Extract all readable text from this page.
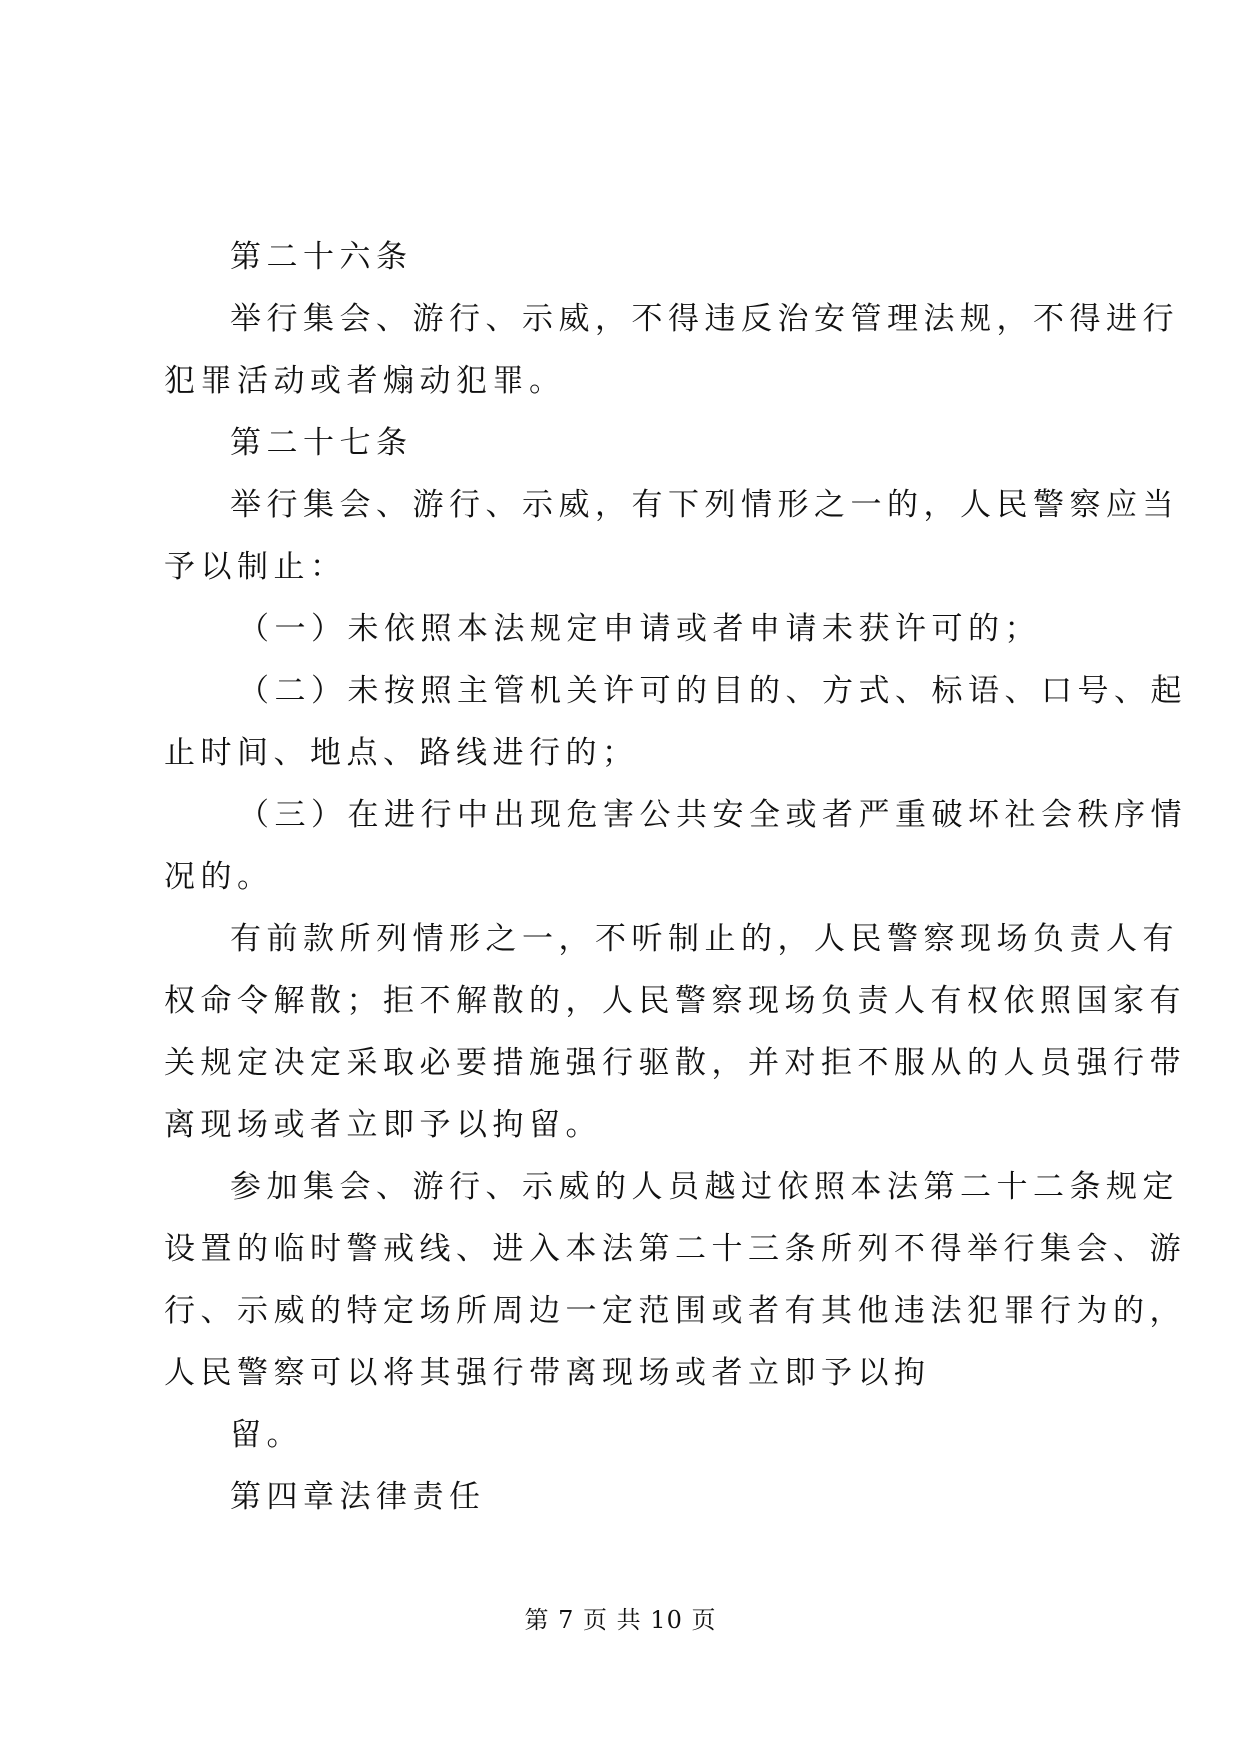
第二十六条
举行集会、游行、示威，不得违反治安管理法规，不得进行
犯罪活动或者煽动犯罪。
第二十七条
举行集会、游行、示威，有下列情形之一的，人民警察应当
予以制止：
（一）未依照本法规定申请或者申请未获许可的；
（二）未按照主管机关许可的目的、方式、标语、口号、起
止时间、地点、路线进行的；
（三）在进行中出现危害公共安全或者严重破坏社会秩序情
况的。
有前款所列情形之一，不听制止的，人民警察现场负责人有
权命令解散；拒不解散的，人民警察现场负责人有权依照国家有
关规定决定采取必要措施强行驱散，并对拒不服从的人员强行带
离现场或者立即予以拘留。
参加集会、游行、示威的人员越过依照本法第二十二条规定
设置的临时警戒线、进入本法第二十三条所列不得举行集会、游
行、示威的特定场所周边一定范围或者有其他违法犯罪行为的，
人民警察可以将其强行带离现场或者立即予以拘
留。
第四章法律责任
第 7 页 共 10 页
